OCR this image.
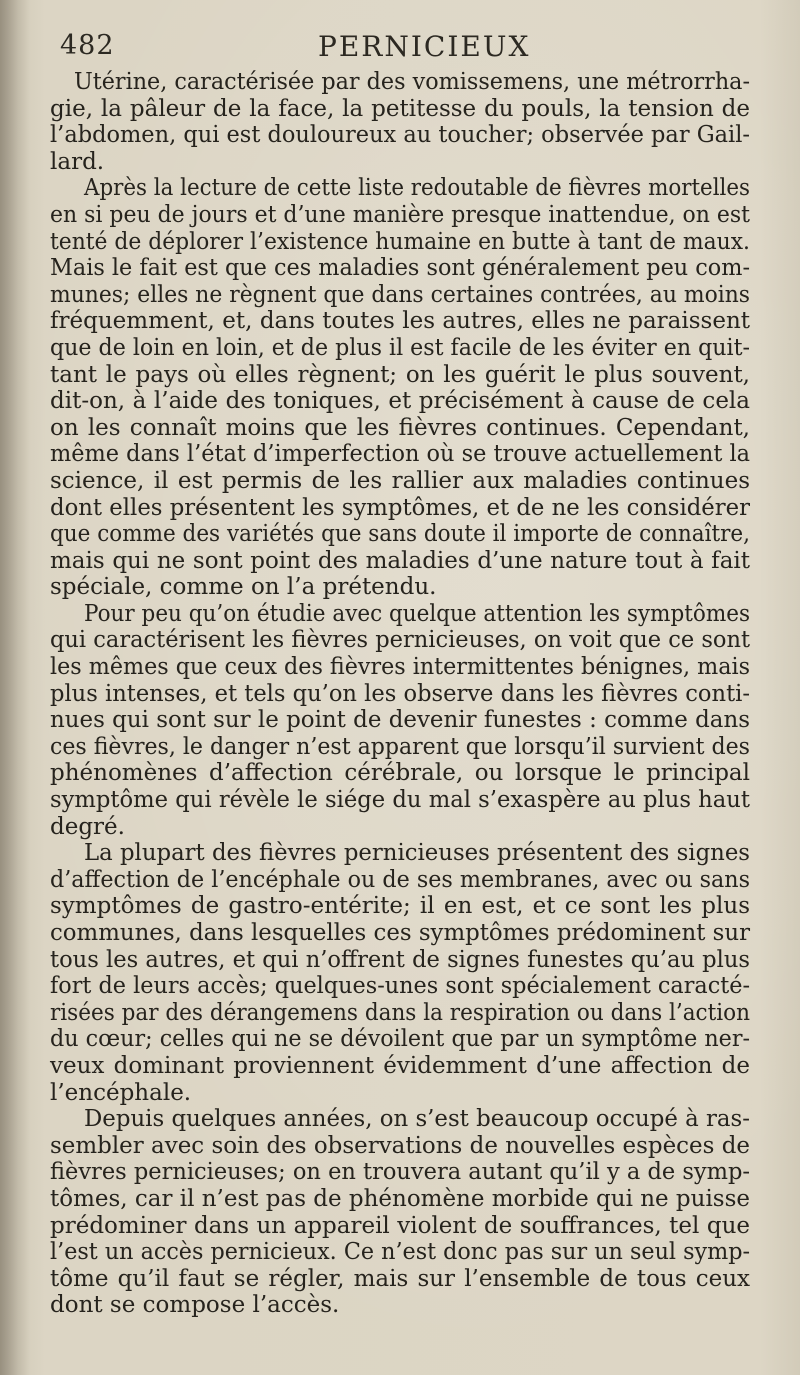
482	PERNICIEUX
Utérine, caractérisée par des vomissemens, une métrorrha-
gie, la pâleur de la face, la petitesse du pouls, la tension de
l’abdomen, qui est douloureux au toucher; observée par Gail-
lard.
Après la lecture de cette liste redoutable de fièvres mortelles
en si peu de jours et d’une manière presque inattendue, on est
tenté de déplorer l’existence humaine en butte à tant de maux.
Mais le fait est que ces maladies sont généralement peu com-
munes; elles ne règnent que dans certaines contrées, au moins
fréquemment, et, dans toutes les autres, elles ne paraissent
que de loin en loin, et de plus il est facile de les éviter en quit-
tant le pays où elles règnent; on les guérit le plus souvent,
dit-on, à l’aide des toniques, et précisément à cause de cela
on les connaît moins que les fièvres continues. Cependant,
même dans l’état d’imperfection où se trouve actuellement la
science, il est permis de les rallier aux maladies continues
dont elles présentent les symptômes, et de ne les considérer
que comme des variétés que sans doute il importe de connaître,
mais qui ne sont point des maladies d’une nature tout à fait
spéciale, comme on l’a prétendu.
Pour peu qu’on étudie avec quelque attention les symptômes
qui caractérisent les fièvres pernicieuses, on voit que ce sont
les mêmes que ceux des fièvres intermittentes bénignes, mais
plus intenses, et tels qu’on les observe dans les fièvres conti-
nues qui sont sur le point de devenir funestes : comme dans
ces fièvres, le danger n’est apparent que lorsqu’il survient des
phénomènes d’affection cérébrale, ou lorsque le principal
symptôme qui révèle le siége du mal s’exaspère au plus haut
degré.
La plupart des fièvres pernicieuses présentent des signes
d’affection de l’encéphale ou de ses membranes, avec ou sans
symptômes de gastro-entérite; il en est, et ce sont les plus
communes, dans lesquelles ces symptômes prédominent sur
tous les autres, et qui n’offrent de signes funestes qu’au plus
fort de leurs accès; quelques-unes sont spécialement caracté-
risées par des dérangemens dans la respiration ou dans l’action
du cœur; celles qui ne se dévoilent que par un symptôme ner-
veux dominant proviennent évidemment d’une affection de
l’encéphale.
Depuis quelques années, on s’est beaucoup occupé à ras-
sembler avec soin des observations de nouvelles espèces de
fièvres pernicieuses; on en trouvera autant qu’il y a de symp-
tômes, car il n’est pas de phénomène morbide qui ne puisse
prédominer dans un appareil violent de souffrances, tel que
l’est un accès pernicieux. Ce n’est donc pas sur un seul symp-
tôme qu’il faut se régler, mais sur l’ensemble de tous ceux
dont se compose l’accès.
